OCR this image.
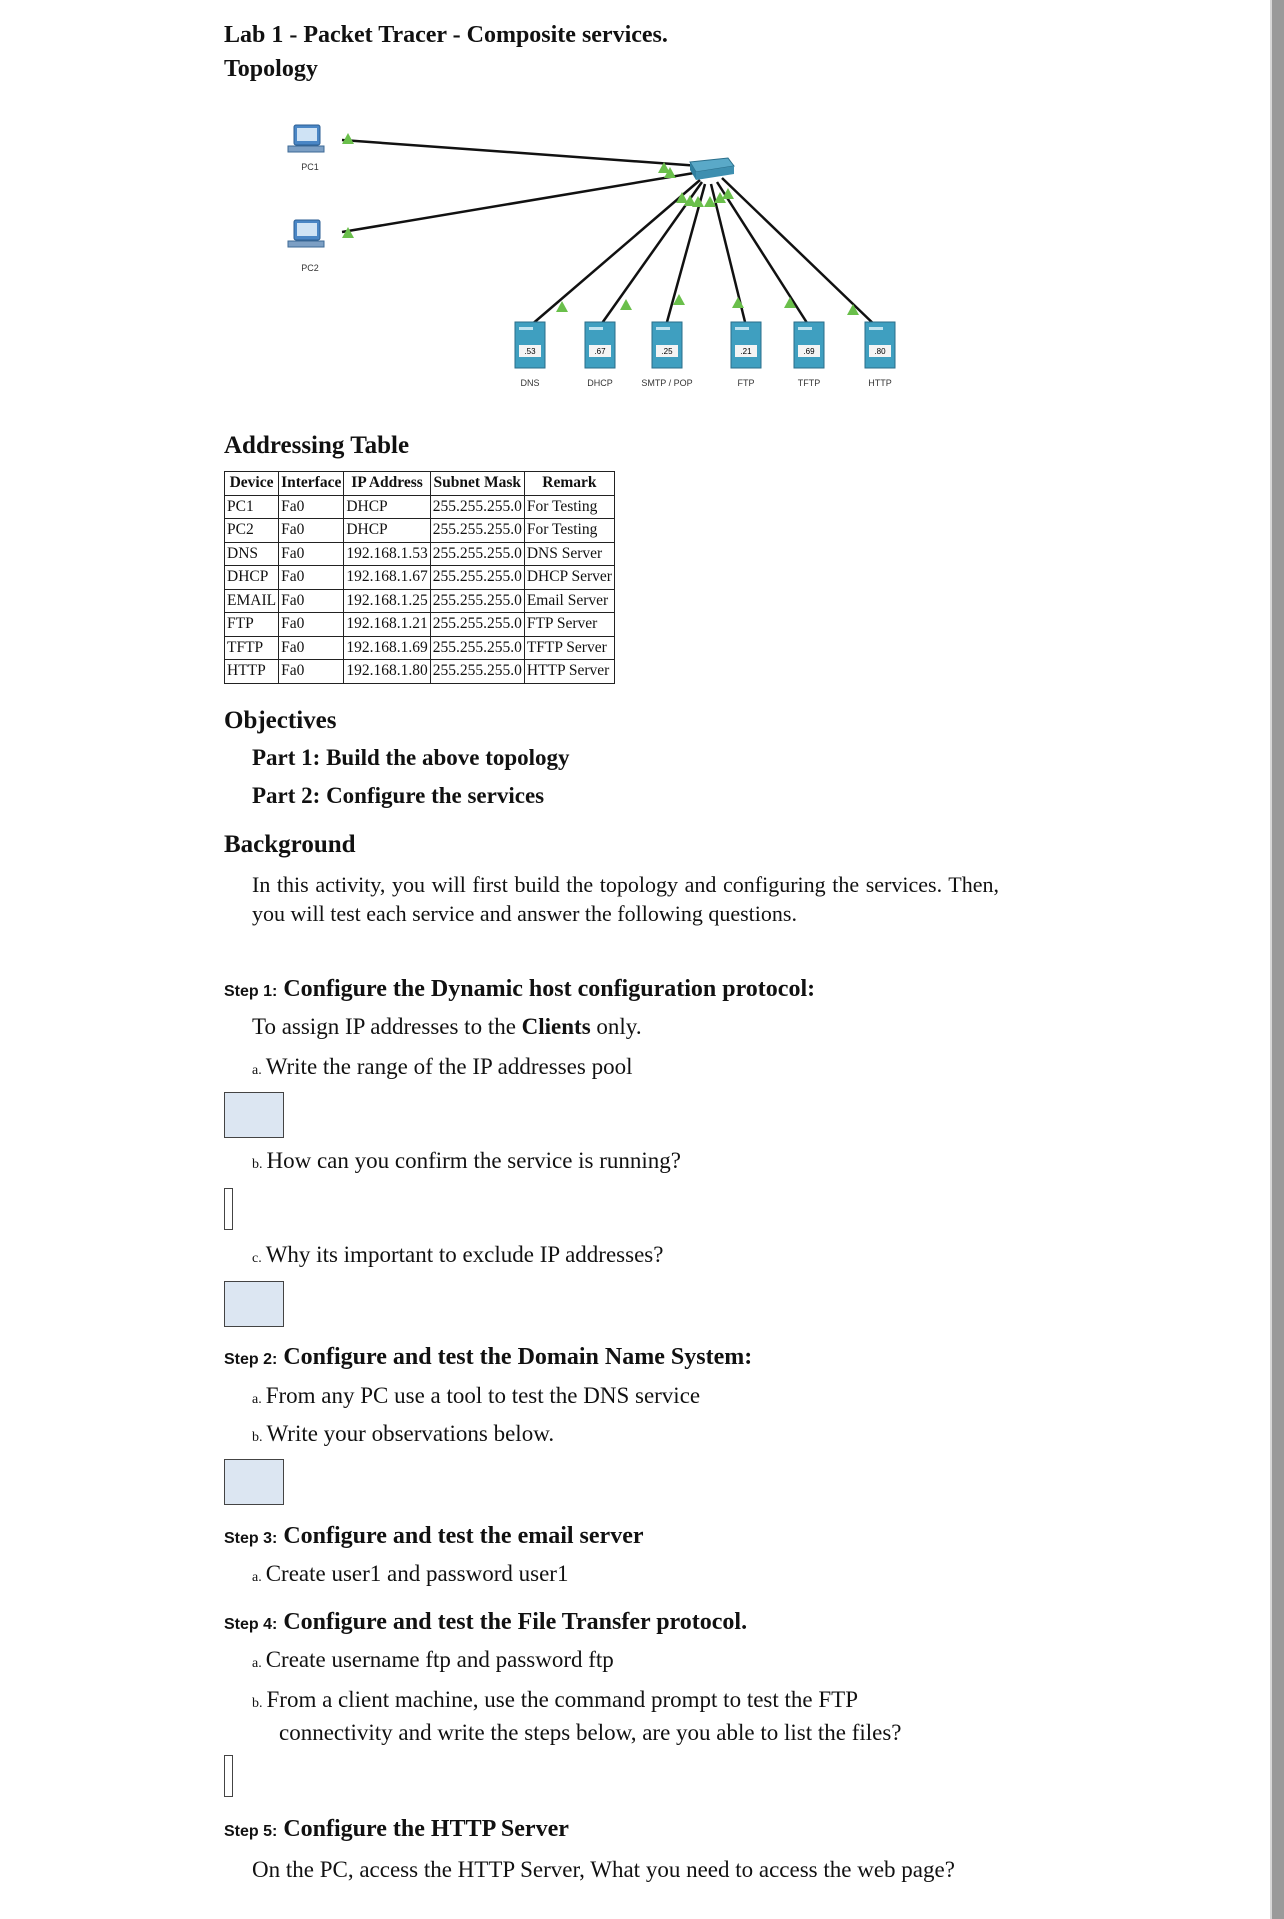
Lab 1 - Packet Tracer - Composite services.
Topology
PC1
PC2
.53
DNS
.67
DHCP
.25
SMTP / POP
.21
FTP
.69
TFTP
.80
HTTP
Addressing Table
Device	Interface	IP Address	Subnet Mask	Remark
PC1	Fa0	DHCP	255.255.255.0	For Testing
PC2	Fa0	DHCP	255.255.255.0	For Testing
DNS	Fa0	192.168.1.53	255.255.255.0	DNS Server
DHCP	Fa0	192.168.1.67	255.255.255.0	DHCP Server
EMAIL	Fa0	192.168.1.25	255.255.255.0	Email Server
FTP	Fa0	192.168.1.21	255.255.255.0	FTP Server
TFTP	Fa0	192.168.1.69	255.255.255.0	TFTP Server
HTTP	Fa0	192.168.1.80	255.255.255.0	HTTP Server
Objectives
Part 1: Build the above topology
Part 2: Configure the services
Background
In this activity, you will first build the topology and configuring the services. Then, you will test each service and answer the following questions.
Step 1: Configure the Dynamic host configuration protocol:
To assign IP addresses to the Clients only.
a. Write the range of the IP addresses pool
b. How can you confirm the service is running?
c. Why its important to exclude IP addresses?
Step 2: Configure and test the Domain Name System:
a. From any PC use a tool to test the DNS service
b. Write your observations below.
Step 3: Configure and test the email server
a. Create user1 and password user1
Step 4: Configure and test the File Transfer protocol.
a. Create username ftp and password ftp
b. From a client machine, use the command prompt to test the FTP
connectivity and write the steps below, are you able to list the files?
Step 5: Configure the HTTP Server
On the PC, access the HTTP Server, What you need to access the web page?
